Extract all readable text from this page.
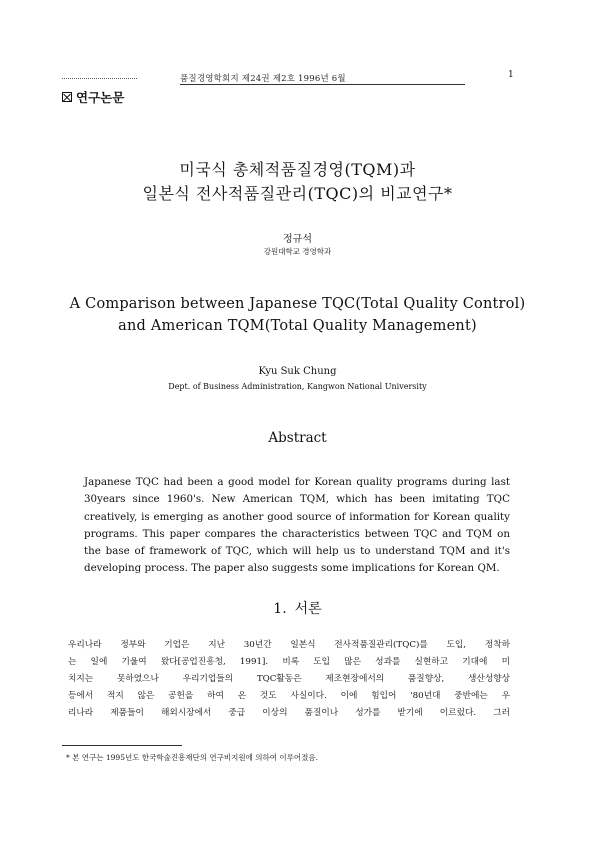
품질경영학회지 제24권 제2호 1996년 6월	1
연구논문
미국식 총체적품질경영(TQM)과
일본식 전사적품질관리(TQC)의 비교연구*
정규석
강원대학교 경영학과
A Comparison between Japanese TQC(Total Quality Control)
and American TQM(Total Quality Management)
Kyu Suk Chung
Dept. of Business Administration, Kangwon National University
Abstract
Japanese TQC had been a good model for Korean quality programs during last
30years since 1960's. New American TQM, which has been imitating TQC
creatively, is emerging as another good source of information for Korean quality
programs. This paper compares the characteristics between TQC and TQM on
the base of framework of TQC, which will help us to understand TQM and it's
developing process. The paper also suggests some implications for Korean QM.
1. 서론
우리나라 정부와 기업은 지난 30년간 일본식 전사적품질관리(TQC)를 도입, 정착하
는 일에 기울여 왔다[공업진흥청, 1991]. 비록 도입 많은 성과를 실현하고 기대에 미
치지는 못하였으나 우리기업들의 TQC활동은 제조현장에서의 품질향상, 생산성향상
등에서 적지 않은 공헌을 하여 온 것도 사실이다. 이에 힘입어 '80년대 중반에는 우
리나라 제품들이 해외시장에서 중급 이상의 품질이나 성가를 받기에 이르렀다. 그러
* 본 연구는 1995년도 한국학술진흥재단의 연구비지원에 의하여 이루어졌음.
